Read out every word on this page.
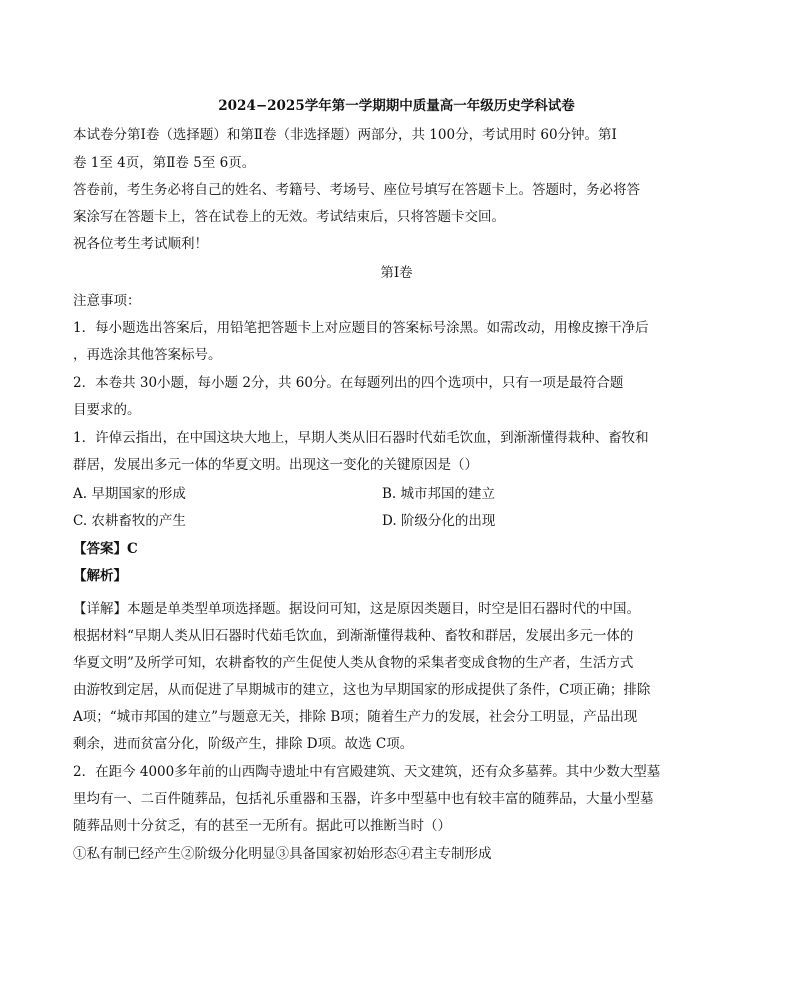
2024−2025学年第一学期期中质量高一年级历史学科试卷
本试卷分第Ⅰ卷（选择题）和第Ⅱ卷（非选择题）两部分，共 100分，考试用时 60分钟。第Ⅰ
卷 1至 4页，第Ⅱ卷 5至 6页。
答卷前，考生务必将自己的姓名、考籍号、考场号、座位号填写在答题卡上。答题时，务必将答
案涂写在答题卡上，答在试卷上的无效。考试结束后，只将答题卡交回。
祝各位考生考试顺利！
第Ⅰ卷
注意事项：
1．每小题选出答案后，用铅笔把答题卡上对应题目的答案标号涂黑。如需改动，用橡皮擦干净后
，再选涂其他答案标号。
2．本卷共 30小题，每小题 2分，共 60分。在每题列出的四个选项中，只有一项是最符合题
目要求的。
1．许倬云指出，在中国这块大地上，早期人类从旧石器时代茹毛饮血，到渐渐懂得栽种、畜牧和
群居，发展出多元一体的华夏文明。出现这一变化的关键原因是（）
A. 早期国家的形成	B. 城市邦国的建立
C. 农耕畜牧的产生	D. 阶级分化的出现
【答案】C
【解析】
【详解】本题是单类型单项选择题。据设问可知，这是原因类题目，时空是旧石器时代的中国。
根据材料“早期人类从旧石器时代茹毛饮血，到渐渐懂得栽种、畜牧和群居，发展出多元一体的
华夏文明”及所学可知，农耕畜牧的产生促使人类从食物的采集者变成食物的生产者，生活方式
由游牧到定居，从而促进了早期城市的建立，这也为早期国家的形成提供了条件，C项正确；排除
A项；“城市邦国的建立”与题意无关，排除 B项；随着生产力的发展，社会分工明显，产品出现
剩余，进而贫富分化，阶级产生，排除 D项。故选 C项。
2．在距今 4000多年前的山西陶寺遗址中有宫殿建筑、天文建筑，还有众多墓葬。其中少数大型墓
里均有一、二百件随葬品，包括礼乐重器和玉器，许多中型墓中也有较丰富的随葬品，大量小型墓
随葬品则十分贫乏，有的甚至一无所有。据此可以推断当时（）
①私有制已经产生②阶级分化明显③具备国家初始形态④君主专制形成
